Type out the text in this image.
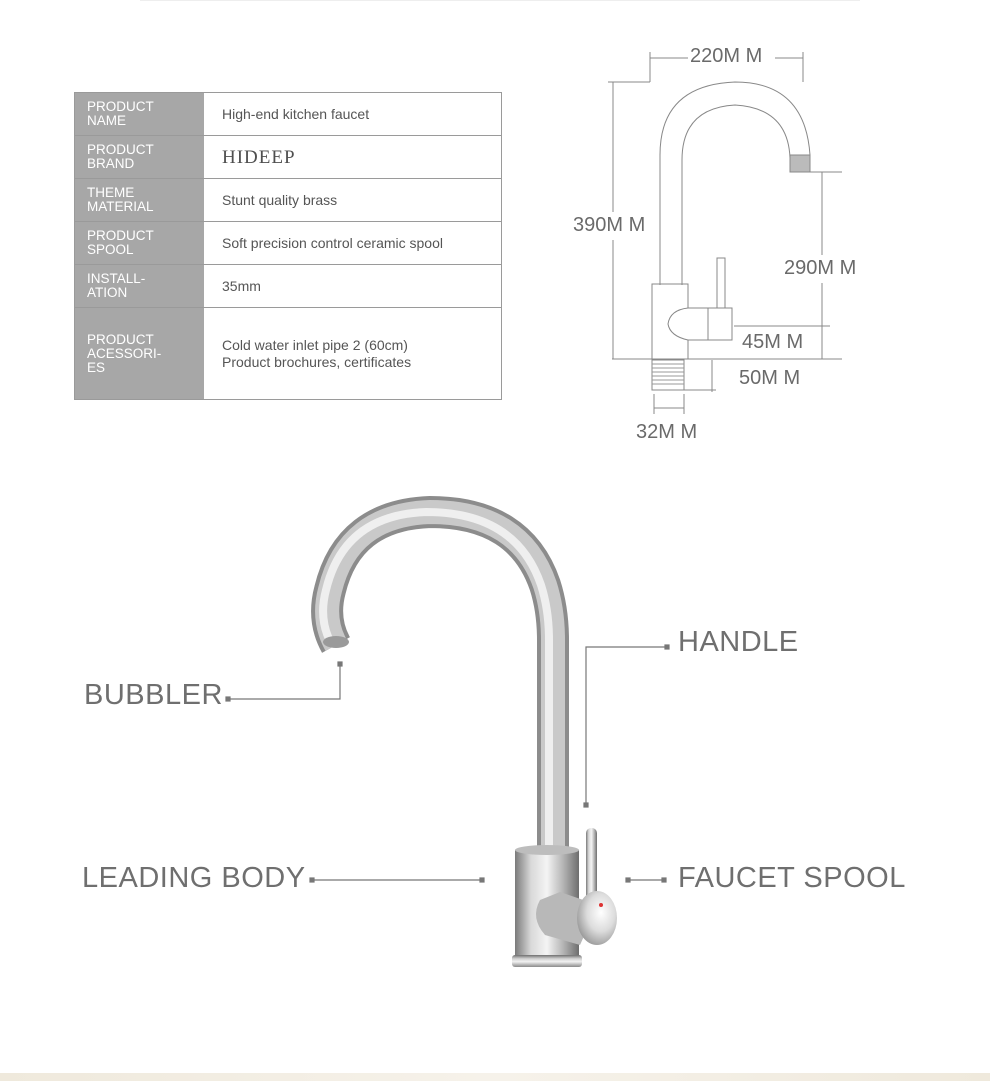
PRODUCT
NAME	High-end kitchen faucet
PRODUCT
BRAND	HIDEEP
THEME
MATERIAL	Stunt quality brass
PRODUCT
SPOOL	Soft precision control ceramic spool
INSTALL-
ATION	35mm
PRODUCT
ACESSORI-
ES	Cold water inlet pipe 2 (60cm)
Product brochures, certificates
220M M
390M M
290M M
45M M
50M M
32M M
BUBBLER
HANDLE
LEADING BODY	FAUCET SPOOL
